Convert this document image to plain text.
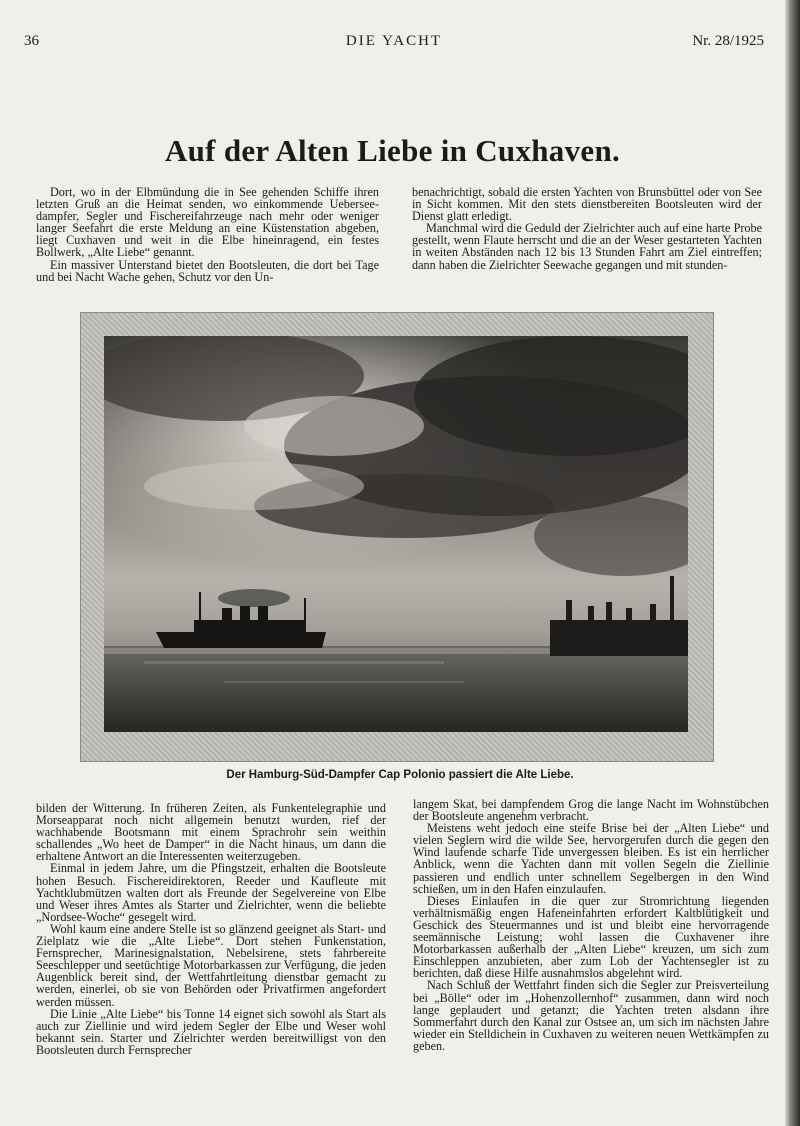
36	DIE YACHT	Nr. 28/1925
Auf der Alten Liebe in Cuxhaven.

Dort, wo in der Elbmündung die in See gehenden Schiffe ihren letzten Gruß an die Heimat senden, wo einkommende Ueberseedampfer, Segler und Fischereifahrzeuge nach mehr oder weniger langer Seefahrt die erste Meldung an eine Küstenstation abgeben, liegt Cuxhaven und weit in die Elbe hineinragend, ein festes Bollwerk, „Alte Liebe“ genannt.

Ein massiver Unterstand bietet den Bootsleuten, die dort bei Tage und bei Nacht Wache gehen, Schutz vor den Un-

benachrichtigt, sobald die ersten Yachten von Brunsbüttel oder von See in Sicht kommen. Mit den stets dienstbereiten Bootsleuten wird der Dienst glatt erledigt.

Manchmal wird die Geduld der Zielrichter auch auf eine harte Probe gestellt, wenn Flaute herrscht und die an der Weser gestarteten Yachten in weiten Abständen nach 12 bis 13 Stunden Fahrt am Ziel eintreffen; dann haben die Zielrichter Seewache gegangen und mit stunden-

Der Hamburg-Süd-Dampfer Cap Polonio passiert die Alte Liebe.

bilden der Witterung. In früheren Zeiten, als Funkentelegraphie und Morseapparat noch nicht allgemein benutzt wurden, rief der wachhabende Bootsmann mit einem Sprachrohr sein weithin schallendes „Wo heet de Damper“ in die Nacht hinaus, um dann die erhaltene Antwort an die Interessenten weiterzugeben.

Einmal in jedem Jahre, um die Pfingstzeit, erhalten die Bootsleute hohen Besuch. Fischereidirektoren, Reeder und Kaufleute mit Yachtklubmützen walten dort als Freunde der Segelvereine von Elbe und Weser ihres Amtes als Starter und Zielrichter, wenn die beliebte „Nordsee-Woche“ gesegelt wird.

Wohl kaum eine andere Stelle ist so glänzend geeignet als Start- und Zielplatz wie die „Alte Liebe“. Dort stehen Funkenstation, Fernsprecher, Marinesignalstation, Nebelsirene, stets fahrbereite Seeschlepper und seetüchtige Motorbarkassen zur Verfügung, die jeden Augenblick bereit sind, der Wettfahrtleitung dienstbar gemacht zu werden, einerlei, ob sie von Behörden oder Privatfirmen angefordert werden müssen.

Die Linie „Alte Liebe“ bis Tonne 14 eignet sich sowohl als Start als auch zur Ziellinie und wird jedem Segler der Elbe und Weser wohl bekannt sein. Starter und Zielrichter werden bereitwilligst von den Bootsleuten durch Fernsprecher

langem Skat, bei dampfendem Grog die lange Nacht im Wohnstübchen der Bootsleute angenehm verbracht.

Meistens weht jedoch eine steife Brise bei der „Alten Liebe“ und vielen Seglern wird die wilde See, hervorgerufen durch die gegen den Wind laufende scharfe Tide unvergessen bleiben. Es ist ein herrlicher Anblick, wenn die Yachten dann mit vollen Segeln die Ziellinie passieren und endlich unter schnellem Segelbergen in den Wind schießen, um in den Hafen einzulaufen.

Dieses Einlaufen in die quer zur Stromrichtung liegenden verhältnismäßig engen Hafeneinfahrten erfordert Kaltblütigkeit und Geschick des Steuermannes und ist und bleibt eine hervorragende seemännische Leistung; wohl lassen die Cuxhavener ihre Motorbarkassen außerhalb der „Alten Liebe“ kreuzen, um sich zum Einschleppen anzubieten, aber zum Lob der Yachtensegler ist zu berichten, daß diese Hilfe ausnahmslos abgelehnt wird.

Nach Schluß der Wettfahrt finden sich die Segler zur Preisverteilung bei „Bölle“ oder im „Hohenzollernhof“ zusammen, dann wird noch lange geplaudert und getanzt; die Yachten treten alsdann ihre Sommerfahrt durch den Kanal zur Ostsee an, um sich im nächsten Jahre wieder ein Stelldichein in Cuxhaven zu weiteren neuen Wettkämpfen zu geben.
